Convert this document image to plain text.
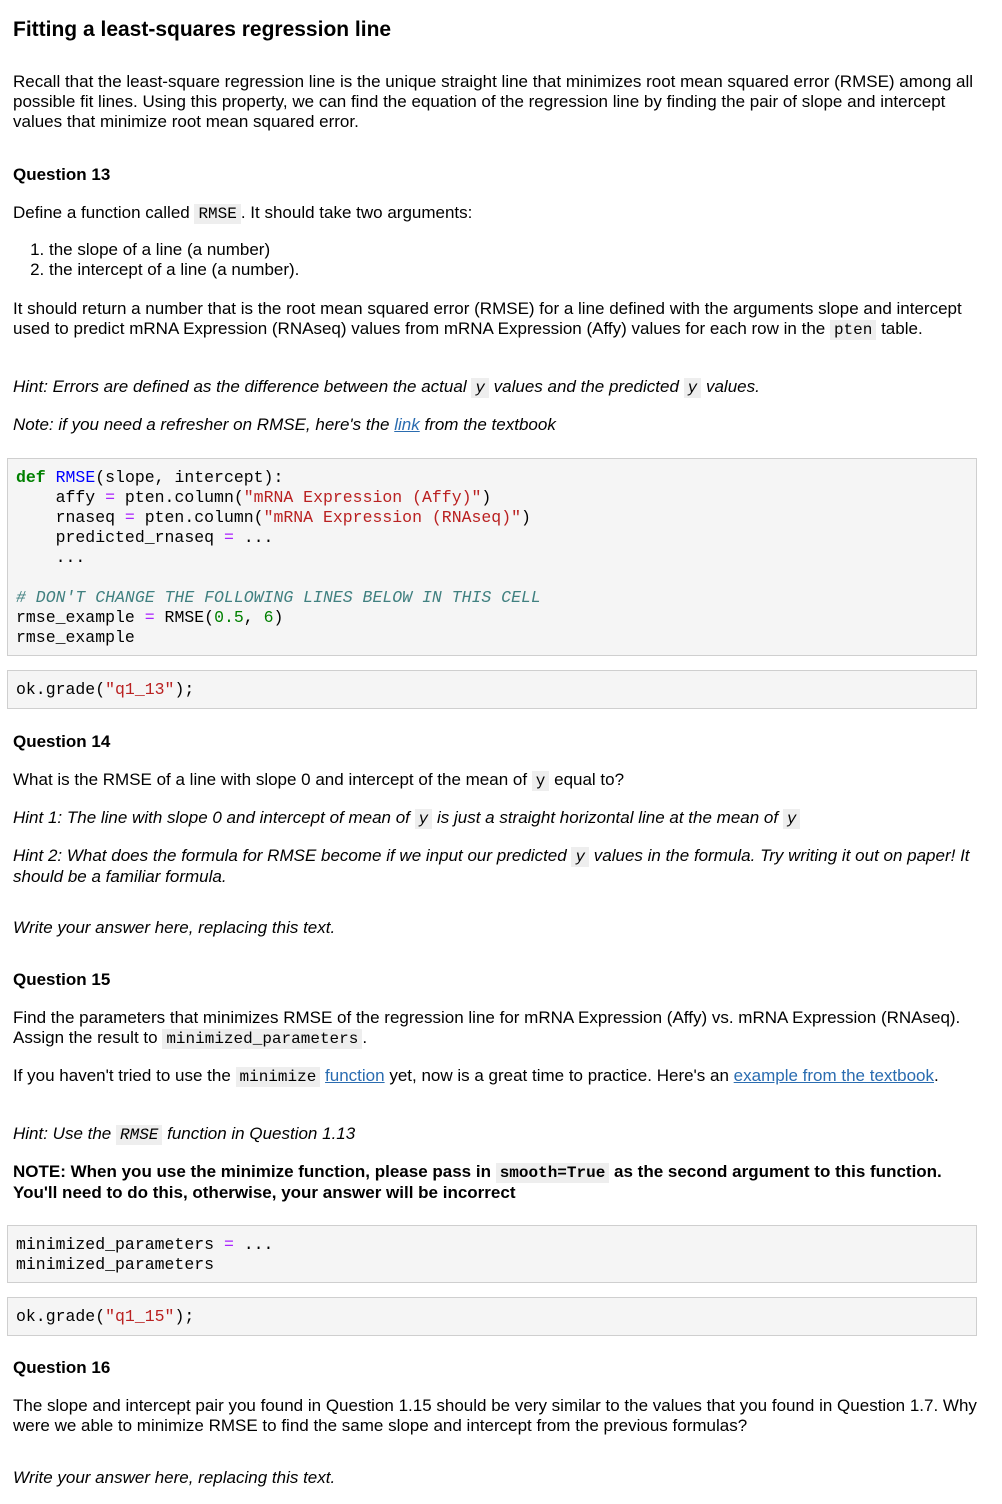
Fitting a least-squares regression line
Recall that the least-square regression line is the unique straight line that minimizes root mean squared error (RMSE) among all possible fit lines. Using this property, we can find the equation of the regression line by finding the pair of slope and intercept values that minimize root mean squared error.
Question 13
Define a function called RMSE . It should take two arguments:
1. the slope of a line (a number)
2. the intercept of a line (a number).
It should return a number that is the root mean squared error (RMSE) for a line defined with the arguments slope and intercept used to predict mRNA Expression (RNAseq) values from mRNA Expression (Affy) values for each row in the pten table.
Hint: Errors are defined as the difference between the actual y values and the predicted y values.
Note: if you need a refresher on RMSE, here's the link from the textbook
def RMSE(slope, intercept):
affy = pten.column("mRNA Expression (Affy)")
rnaseq = pten.column("mRNA Expression (RNAseq)")
predicted_rnaseq = ...
...

# DON'T CHANGE THE FOLLOWING LINES BELOW IN THIS CELL
rmse_example = RMSE(0.5, 6)
rmse_example
ok.grade("q1_13");
Question 14
What is the RMSE of a line with slope 0 and intercept of the mean of y equal to?
Hint 1: The line with slope 0 and intercept of mean of y is just a straight horizontal line at the mean of y
Hint 2: What does the formula for RMSE become if we input our predicted y values in the formula. Try writing it out on paper! It should be a familiar formula.
Write your answer here, replacing this text.
Question 15
Find the parameters that minimizes RMSE of the regression line for mRNA Expression (Affy) vs. mRNA Expression (RNAseq). Assign the result to minimized_parameters .
If you haven't tried to use the minimize function yet, now is a great time to practice. Here's an example from the textbook.
Hint: Use the RMSE function in Question 1.13
NOTE: When you use the minimize function, please pass in smooth=True as the second argument to this function. You'll need to do this, otherwise, your answer will be incorrect
minimized_parameters = ...
minimized_parameters
ok.grade("q1_15");
Question 16
The slope and intercept pair you found in Question 1.15 should be very similar to the values that you found in Question 1.7. Why were we able to minimize RMSE to find the same slope and intercept from the previous formulas?
Write your answer here, replacing this text.
